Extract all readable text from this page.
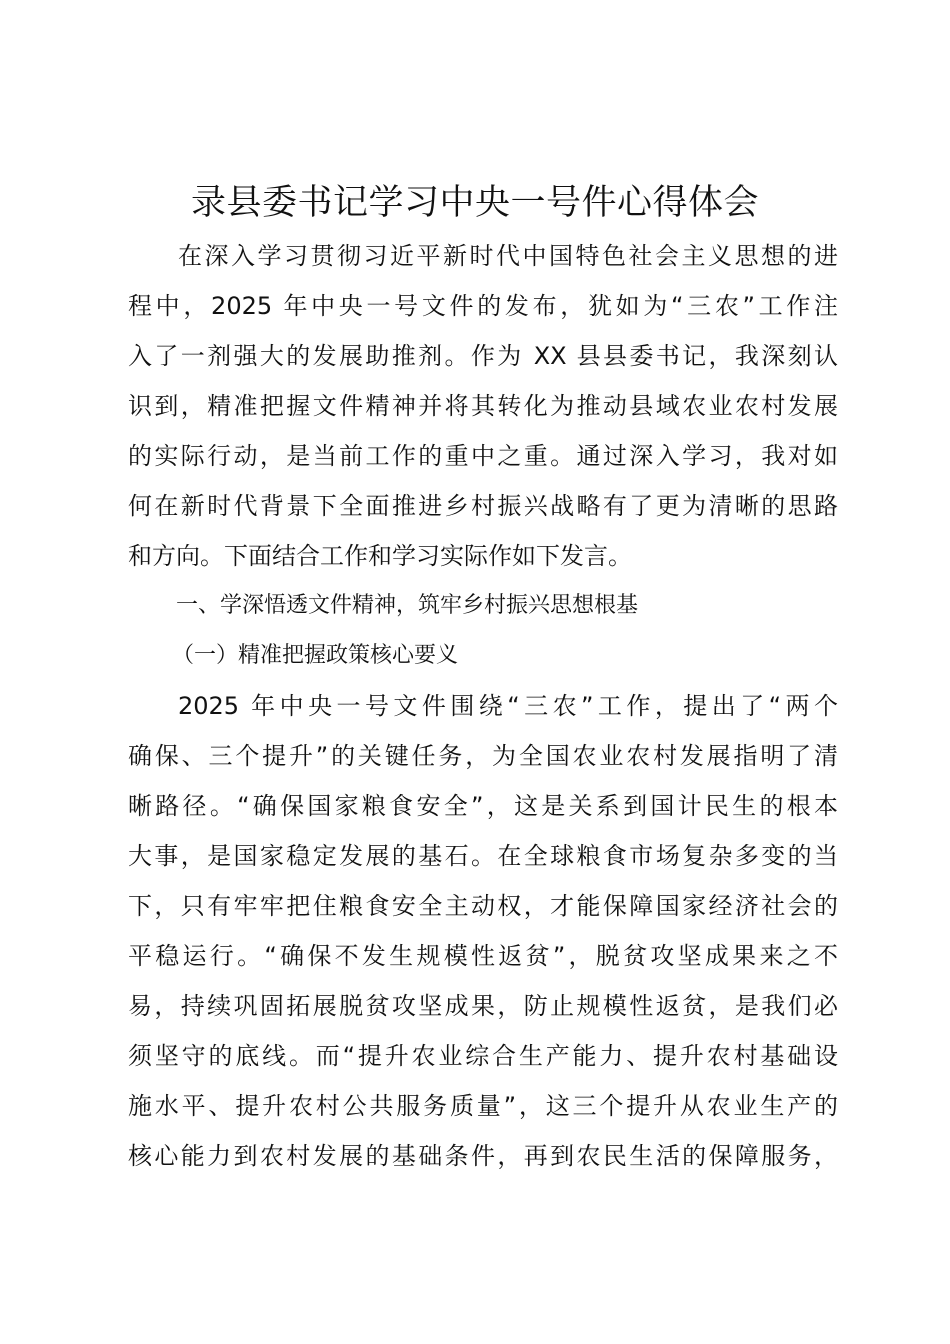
录县委书记学习中央一号件心得体会
在深入学习贯彻习近平新时代中国特色社会主义思想的进
程中，2025 年中央一号文件的发布，犹如为“三农”工作注
入了一剂强大的发展助推剂。作为 XX 县县委书记，我深刻认
识到，精准把握文件精神并将其转化为推动县域农业农村发展
的实际行动，是当前工作的重中之重。通过深入学习，我对如
何在新时代背景下全面推进乡村振兴战略有了更为清晰的思路
和方向。下面结合工作和学习实际作如下发言。
一、学深悟透文件精神，筑牢乡村振兴思想根基
（一）精准把握政策核心要义
2025 年中央一号文件围绕“三农”工作，提出了“两个
确保、三个提升”的关键任务，为全国农业农村发展指明了清
晰路径。“确保国家粮食安全”，这是关系到国计民生的根本
大事，是国家稳定发展的基石。在全球粮食市场复杂多变的当
下，只有牢牢把住粮食安全主动权，才能保障国家经济社会的
平稳运行。“确保不发生规模性返贫”，脱贫攻坚成果来之不
易，持续巩固拓展脱贫攻坚成果，防止规模性返贫，是我们必
须坚守的底线。而“提升农业综合生产能力、提升农村基础设
施水平、提升农村公共服务质量”，这三个提升从农业生产的
核心能力到农村发展的基础条件，再到农民生活的保障服务，
